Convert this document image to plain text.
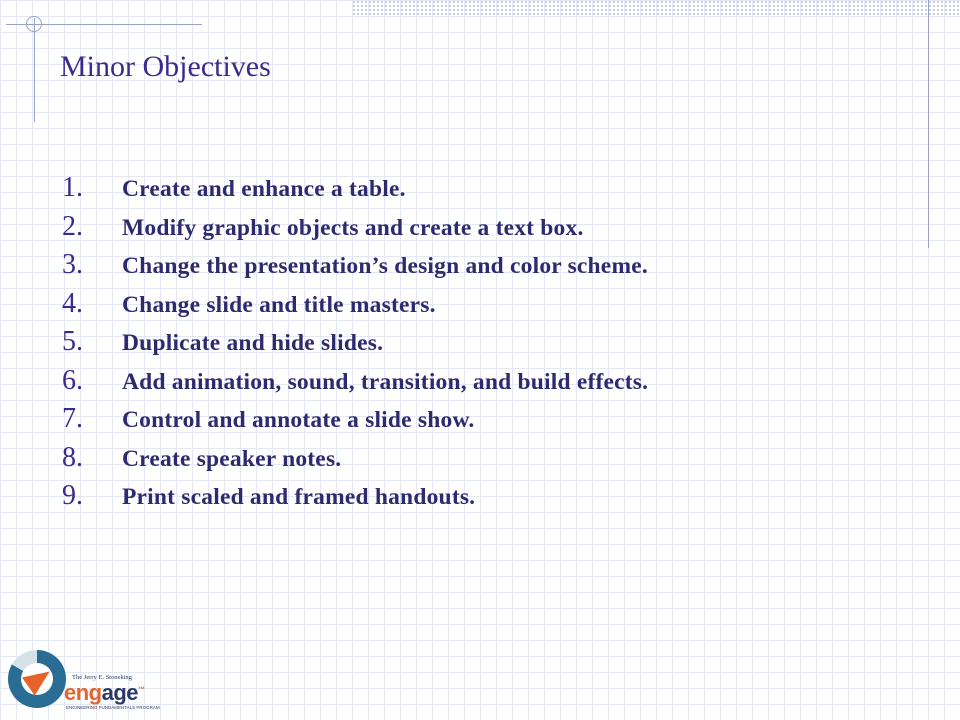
Minor Objectives
1.	Create and enhance a table.
2.	Modify graphic objects and create a text box.
3.	Change the presentation’s design and color scheme.
4.	Change slide and title masters.
5.	Duplicate and hide slides.
6.	Add animation, sound, transition, and build effects.
7.	Control and annotate a slide show.
8.	Create speaker notes.
9.	Print scaled and framed handouts.
The Jerry E. Stoneking
engage™
ENGINEERING FUNDAMENTALS PROGRAM
